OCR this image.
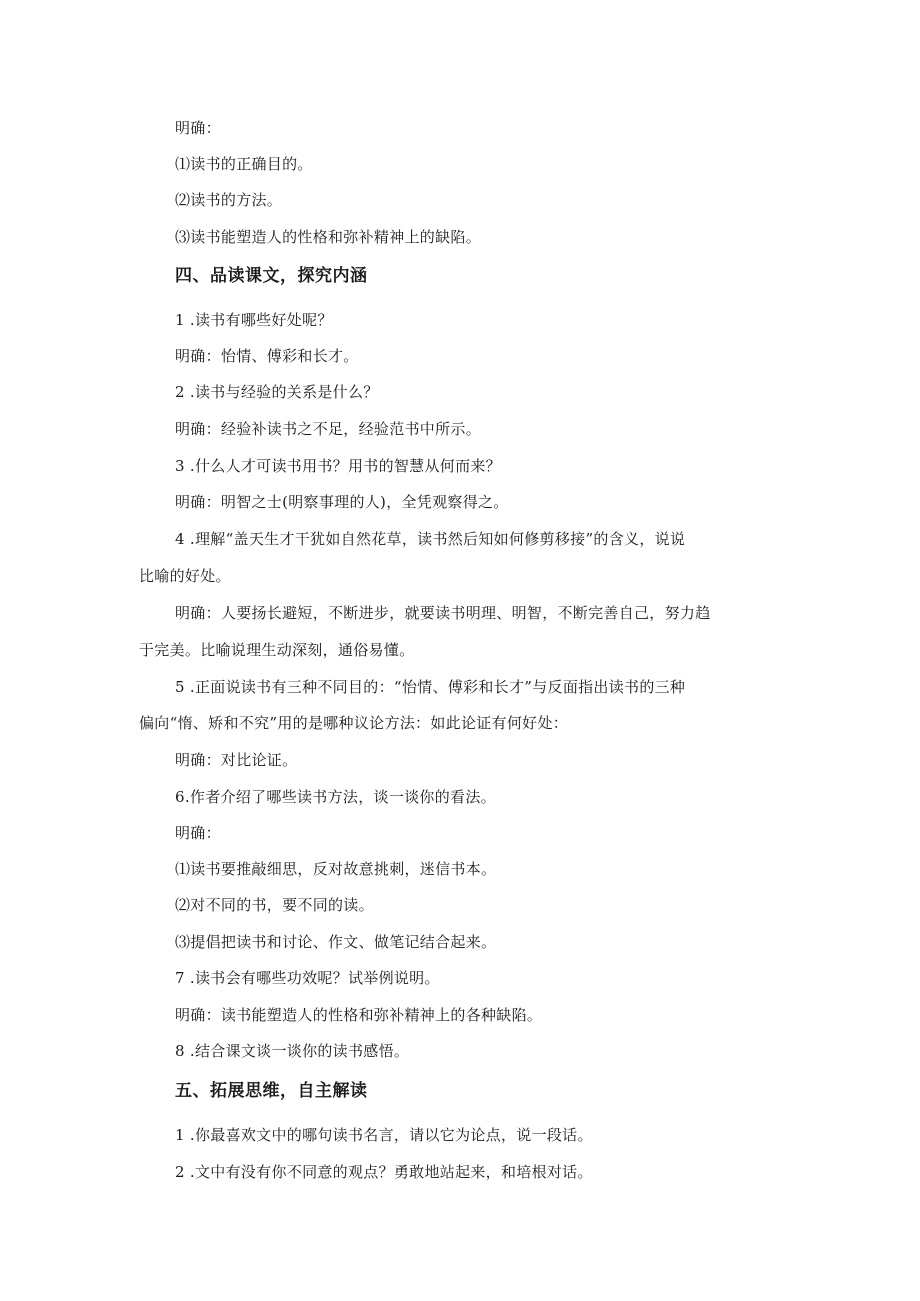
明确：
⑴读书的正确目的。
⑵读书的方法。
⑶读书能塑造人的性格和弥补精神上的缺陷。
四、品读课文，探究内涵
1 .读书有哪些好处呢？
明确：怡情、傅彩和长才。
2 .读书与经验的关系是什么？
明确：经验补读书之不足，经验范书中所示。
3 .什么人才可读书用书？用书的智慧从何而来？
明确：明智之士(明察事理的人)，全凭观察得之。
4 .理解“盖天生才干犹如自然花草，读书然后知如何修剪移接”的含义，说说
比喻的好处。
明确：人要扬长避短，不断进步，就要读书明理、明智，不断完善自己，努力趋
于完美。比喻说理生动深刻，通俗易懂。
5 .正面说读书有三种不同目的：“怡情、傅彩和长才”与反面指出读书的三种
偏向“惰、矫和不究”用的是哪种议论方法：如此论证有何好处：
明确：对比论证。
6.作者介绍了哪些读书方法，谈一谈你的看法。
明确：
⑴读书要推敲细思，反对故意挑刺，迷信书本。
⑵对不同的书，要不同的读。
⑶提倡把读书和讨论、作文、做笔记结合起来。
7 .读书会有哪些功效呢？试举例说明。
明确：读书能塑造人的性格和弥补精神上的各种缺陷。
8 .结合课文谈一谈你的读书感悟。
五、拓展思维，自主解读
1 .你最喜欢文中的哪句读书名言，请以它为论点，说一段话。
2 .文中有没有你不同意的观点？勇敢地站起来，和培根对话。
